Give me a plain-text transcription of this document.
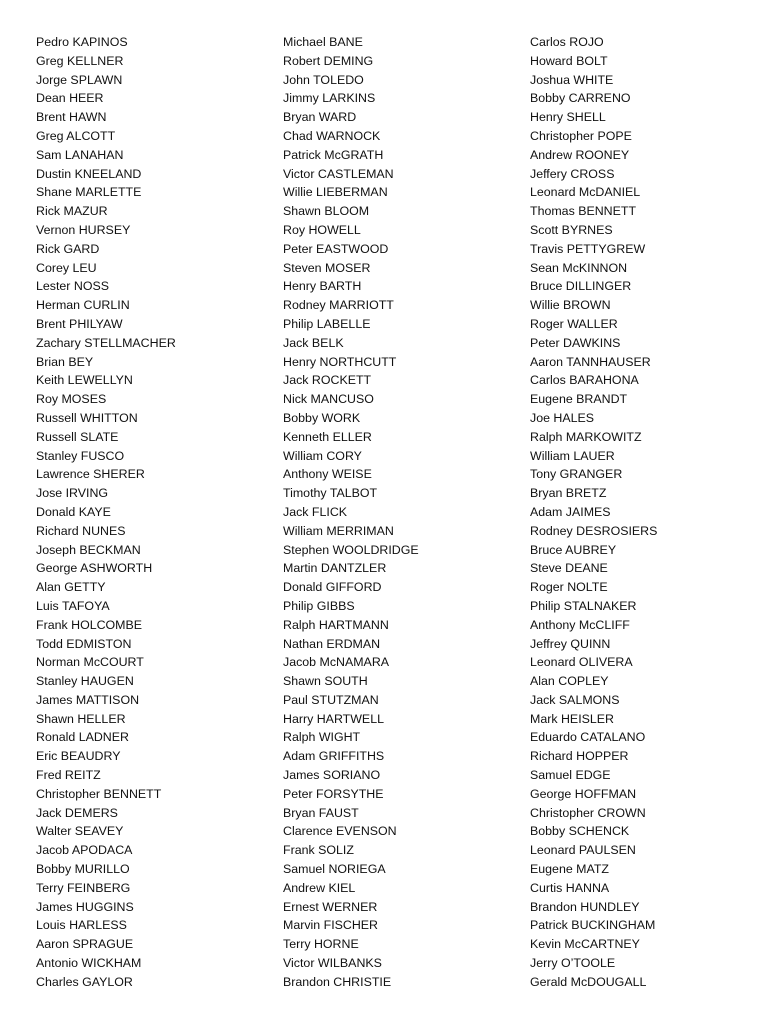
Pedro KAPINOS
Greg KELLNER
Jorge SPLAWN
Dean HEER
Brent HAWN
Greg ALCOTT
Sam LANAHAN
Dustin KNEELAND
Shane MARLETTE
Rick MAZUR
Vernon HURSEY
Rick GARD
Corey LEU
Lester NOSS
Herman CURLIN
Brent PHILYAW
Zachary STELLMACHER
Brian BEY
Keith LEWELLYN
Roy MOSES
Russell WHITTON
Russell SLATE
Stanley FUSCO
Lawrence SHERER
Jose IRVING
Donald KAYE
Richard NUNES
Joseph BECKMAN
George ASHWORTH
Alan GETTY
Luis TAFOYA
Frank HOLCOMBE
Todd EDMISTON
Norman McCOURT
Stanley HAUGEN
James MATTISON
Shawn HELLER
Ronald LADNER
Eric BEAUDRY
Fred REITZ
Christopher BENNETT
Jack DEMERS
Walter SEAVEY
Jacob APODACA
Bobby MURILLO
Terry FEINBERG
James HUGGINS
Louis HARLESS
Aaron SPRAGUE
Antonio WICKHAM
Charles GAYLOR
Michael BANE
Robert DEMING
John TOLEDO
Jimmy LARKINS
Bryan WARD
Chad WARNOCK
Patrick McGRATH
Victor CASTLEMAN
Willie LIEBERMAN
Shawn BLOOM
Roy HOWELL
Peter EASTWOOD
Steven MOSER
Henry BARTH
Rodney MARRIOTT
Philip LABELLE
Jack BELK
Henry NORTHCUTT
Jack ROCKETT
Nick MANCUSO
Bobby WORK
Kenneth ELLER
William CORY
Anthony WEISE
Timothy TALBOT
Jack FLICK
William MERRIMAN
Stephen WOOLDRIDGE
Martin DANTZLER
Donald GIFFORD
Philip GIBBS
Ralph HARTMANN
Nathan ERDMAN
Jacob McNAMARA
Shawn SOUTH
Paul STUTZMAN
Harry HARTWELL
Ralph WIGHT
Adam GRIFFITHS
James SORIANO
Peter FORSYTHE
Bryan FAUST
Clarence EVENSON
Frank SOLIZ
Samuel NORIEGA
Andrew KIEL
Ernest WERNER
Marvin FISCHER
Terry HORNE
Victor WILBANKS
Brandon CHRISTIE
Carlos ROJO
Howard BOLT
Joshua WHITE
Bobby CARRENO
Henry SHELL
Christopher POPE
Andrew ROONEY
Jeffery CROSS
Leonard McDANIEL
Thomas BENNETT
Scott BYRNES
Travis PETTYGREW
Sean McKINNON
Bruce DILLINGER
Willie BROWN
Roger WALLER
Peter DAWKINS
Aaron TANNHAUSER
Carlos BARAHONA
Eugene BRANDT
Joe HALES
Ralph MARKOWITZ
William LAUER
Tony GRANGER
Bryan BRETZ
Adam JAIMES
Rodney DESROSIERS
Bruce AUBREY
Steve DEANE
Roger NOLTE
Philip STALNAKER
Anthony McCLIFF
Jeffrey QUINN
Leonard OLIVERA
Alan COPLEY
Jack SALMONS
Mark HEISLER
Eduardo CATALANO
Richard HOPPER
Samuel EDGE
George HOFFMAN
Christopher CROWN
Bobby SCHENCK
Leonard PAULSEN
Eugene MATZ
Curtis HANNA
Brandon HUNDLEY
Patrick BUCKINGHAM
Kevin McCARTNEY
Jerry O’TOOLE
Gerald McDOUGALL
